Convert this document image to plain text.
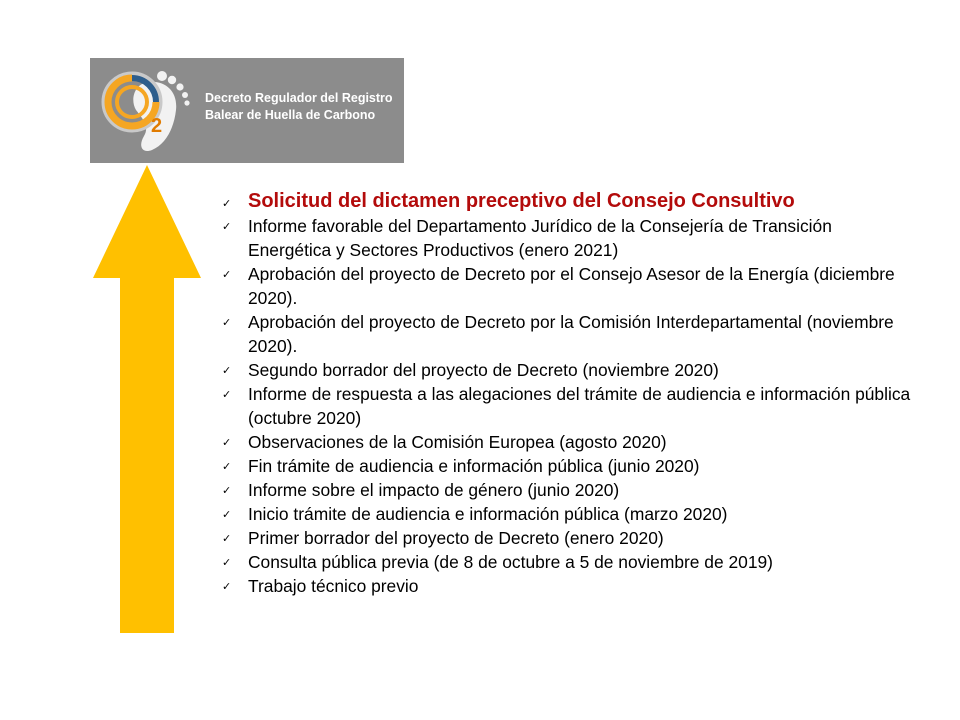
2
Decreto Regulador del Registro
Balear de Huella de Carbono
✓ Solicitud del dictamen preceptivo del Consejo Consultivo
✓ Informe favorable del Departamento Jurídico de la Consejería de Transición Energética y Sectores Productivos (enero 2021)
✓ Aprobación del proyecto de Decreto por el Consejo Asesor de la Energía (diciembre 2020).
✓ Aprobación del proyecto de Decreto por la Comisión Interdepartamental (noviembre 2020).
✓ Segundo borrador del proyecto de Decreto (noviembre 2020)
✓ Informe de respuesta a las alegaciones del trámite de audiencia e información pública (octubre 2020)
✓ Observaciones de la Comisión Europea (agosto 2020)
✓ Fin trámite de audiencia e información pública (junio 2020)
✓ Informe sobre el impacto de género (junio 2020)
✓ Inicio trámite de audiencia e información pública (marzo 2020)
✓ Primer borrador del proyecto de Decreto (enero 2020)
✓ Consulta pública previa (de 8 de octubre a 5 de noviembre de 2019)
✓ Trabajo técnico previo
